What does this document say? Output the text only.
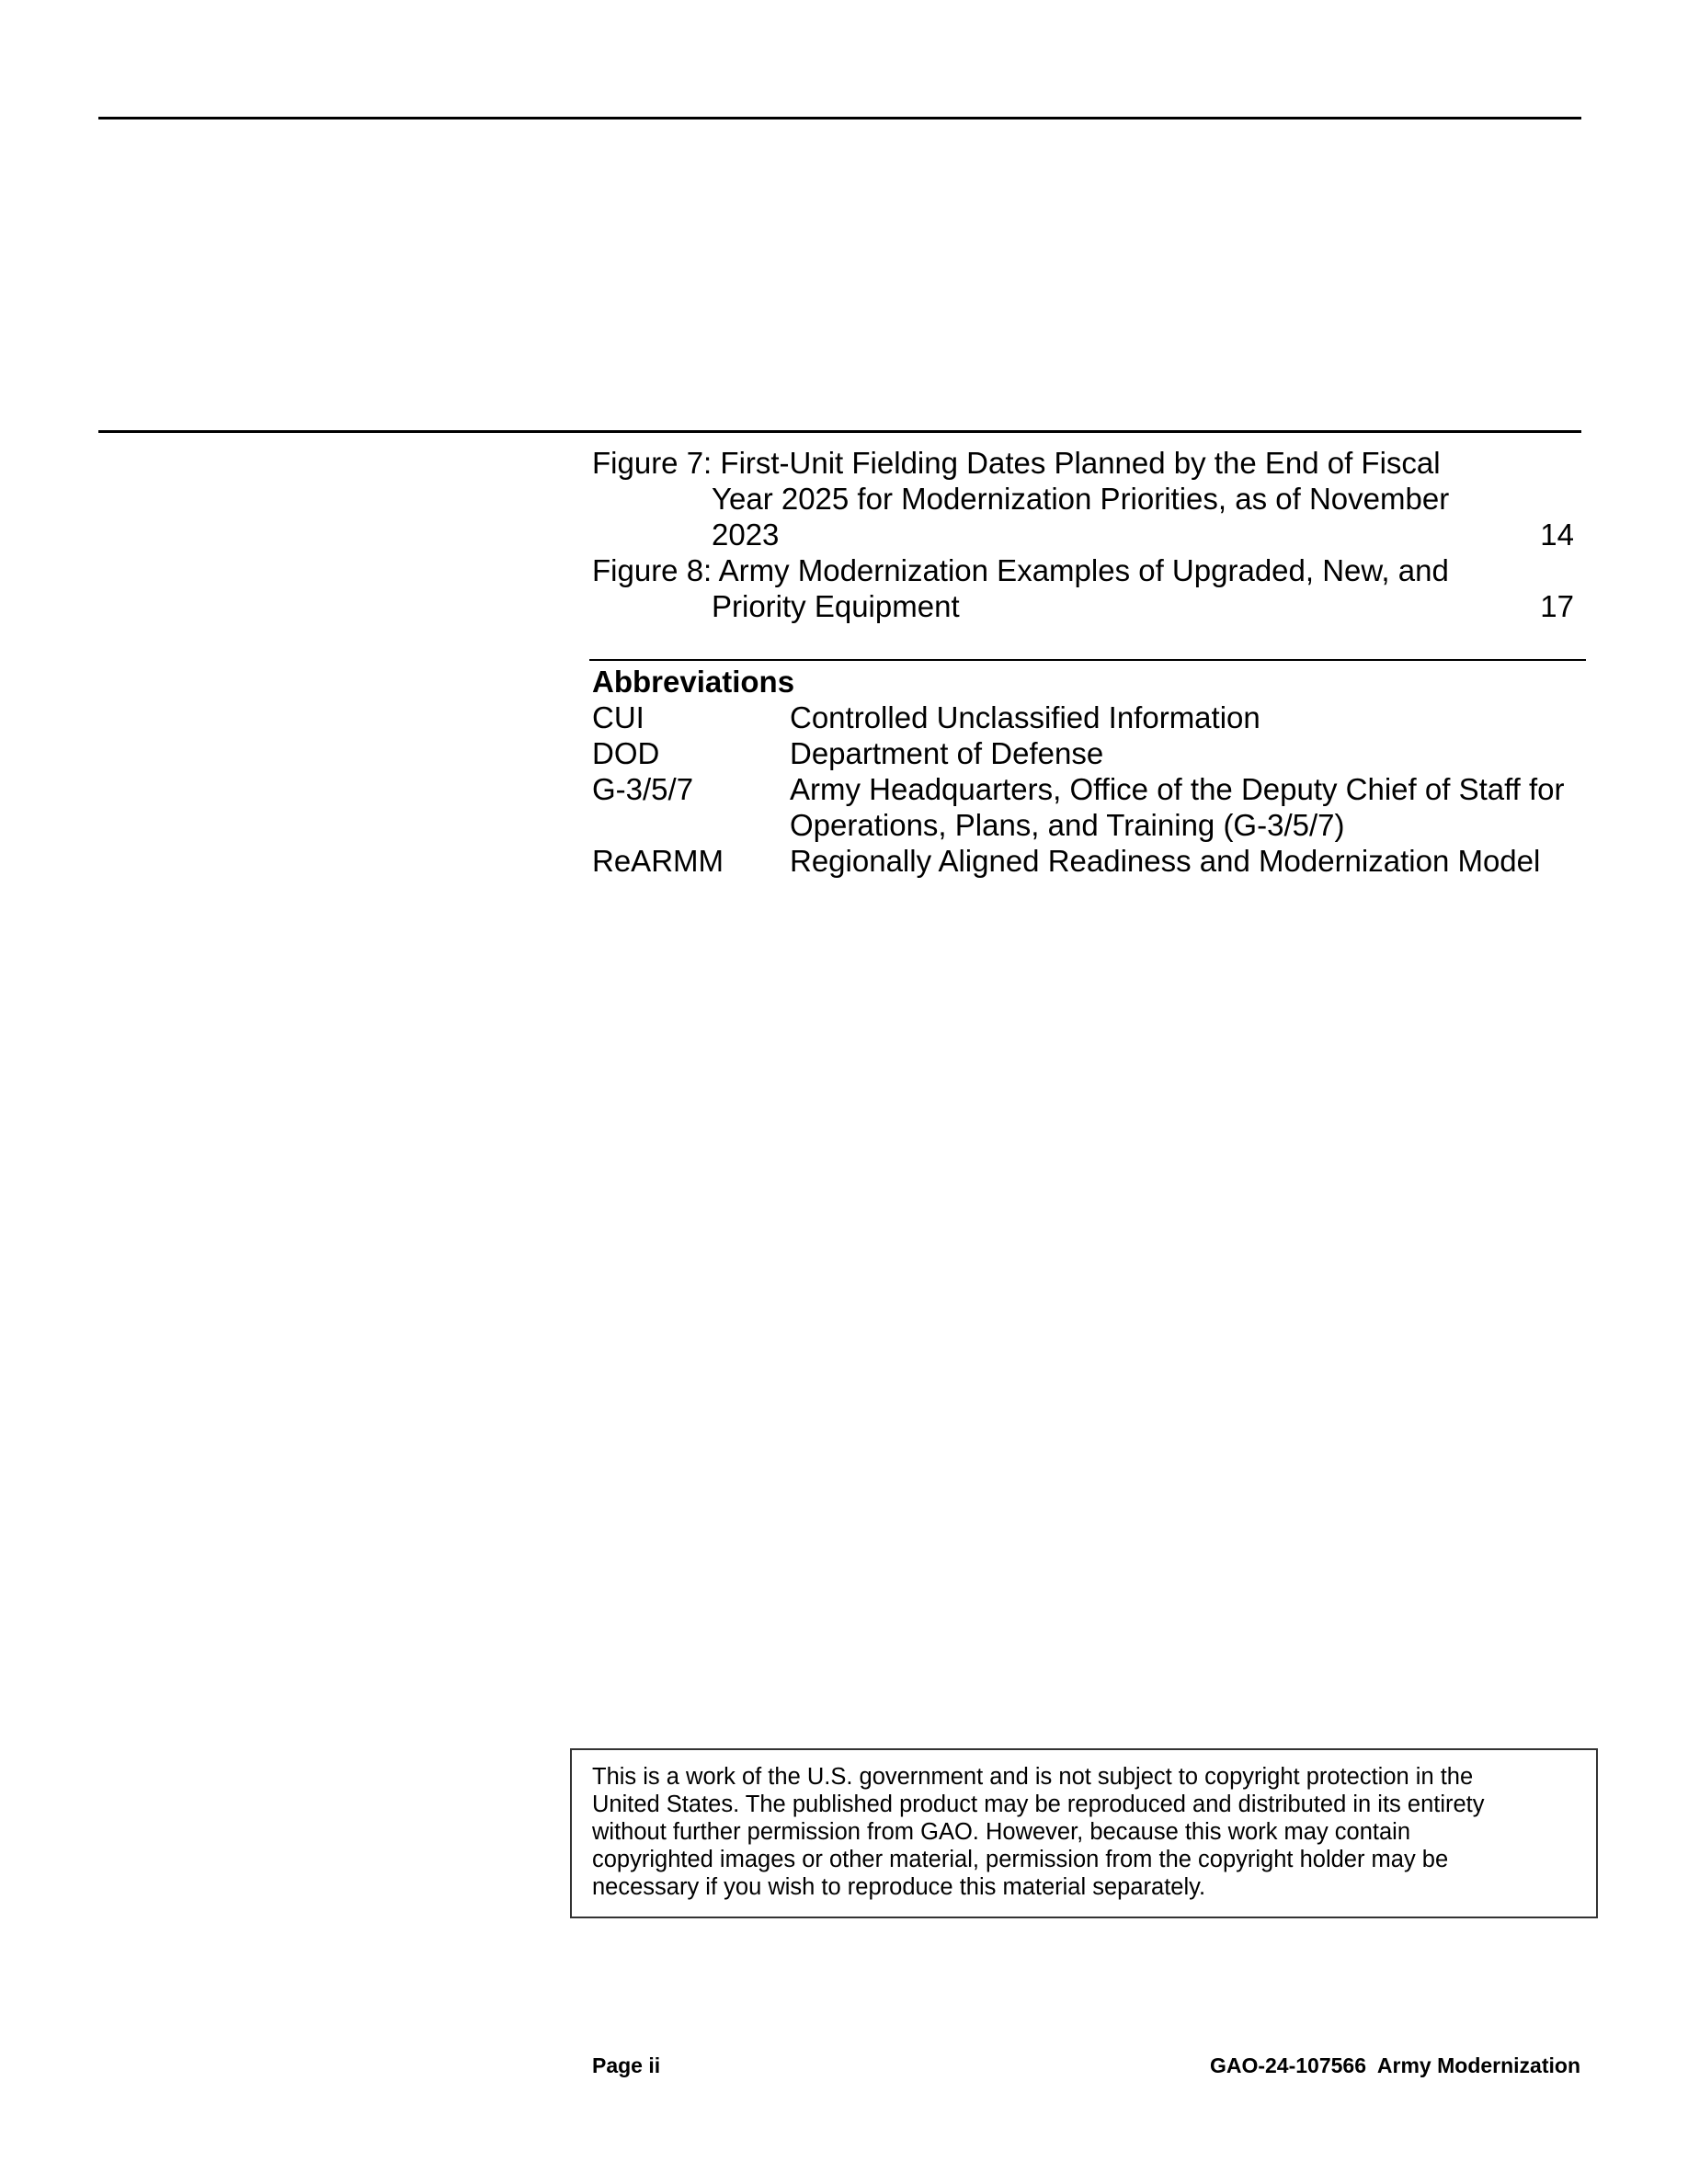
Figure 7: First-Unit Fielding Dates Planned by the End of Fiscal
Year 2025 for Modernization Priorities, as of November
2023	14
Figure 8: Army Modernization Examples of Upgraded, New, and
Priority Equipment	17
Abbreviations
CUI	Controlled Unclassified Information
DOD	Department of Defense
G-3/5/7	Army Headquarters, Office of the Deputy Chief of Staff for
Operations, Plans, and Training (G-3/5/7)
ReARMM	Regionally Aligned Readiness and Modernization Model
This is a work of the U.S. government and is not subject to copyright protection in the
United States. The published product may be reproduced and distributed in its entirety
without further permission from GAO. However, because this work may contain
copyrighted images or other material, permission from the copyright holder may be
necessary if you wish to reproduce this material separately.
Page ii	GAO-24-107566  Army Modernization
